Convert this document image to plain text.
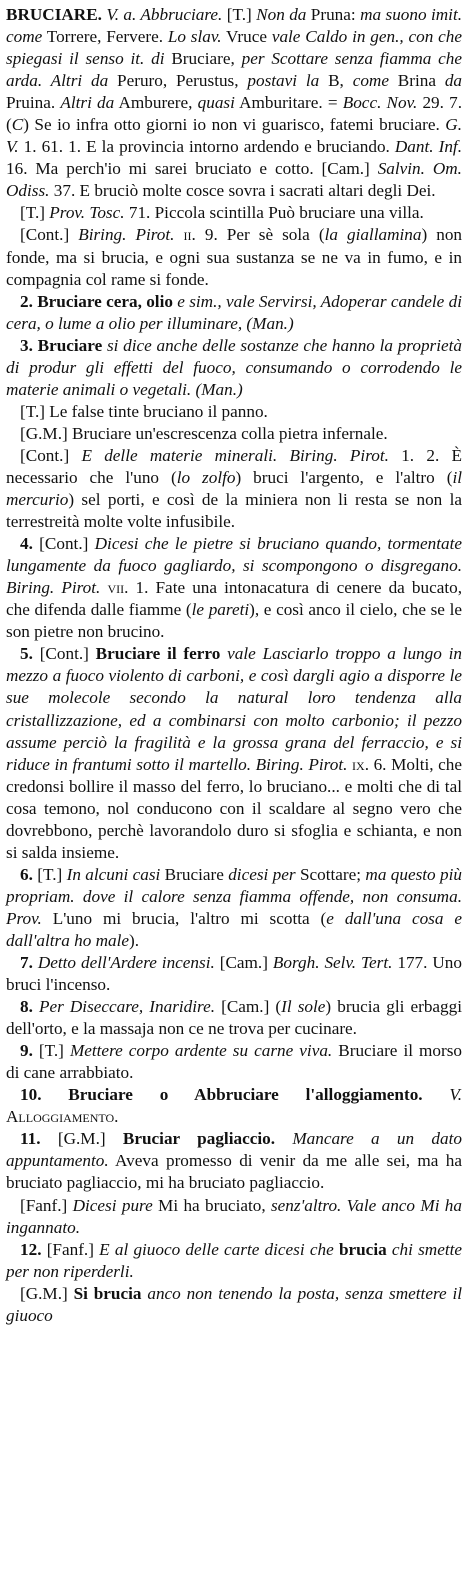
BRUCIARE. V. a. Abbruciare. [T.] Non da Pruna: ma suono imit. come Torrere, Fervere. Lo slav. Vruce vale Caldo in gen., con che spiegasi il senso it. di Bruciare, per Scottare senza fiamma che arda. Altri da Peruro, Perustus, postavi la B, come Brina da Pruina. Altri da Amburere, quasi Amburitare. = Bocc. Nov. 29. 7. (C) Se io infra otto giorni io non vi guarisco, fatemi bruciare. G. V. 1. 61. 1. E la provincia intorno ardendo e bruciando. Dant. Inf. 16. Ma perch'io mi sarei bruciato e cotto. [Cam.] Salvin. Om. Odiss. 37. E bruciò molte cosce sovra i sacrati altari degli Dei.

[T.] Prov. Tosc. 71. Piccola scintilla Può bruciare una villa.

[Cont.] Biring. Pirot. ii. 9. Per sè sola (la giallamina) non fonde, ma si brucia, e ogni sua sustanza se ne va in fumo, e in compagnia col rame si fonde.

2. Bruciare cera, olio e sim., vale Servirsi, Adoperar candele di cera, o lume a olio per illuminare, (Man.)

3. Bruciare si dice anche delle sostanze che hanno la proprietà di produr gli effetti del fuoco, consumando o corrodendo le materie animali o vegetali. (Man.)

[T.] Le false tinte bruciano il panno.

[G.M.] Bruciare un'escrescenza colla pietra infernale.

[Cont.] E delle materie minerali. Biring. Pirot. 1. 2. È necessario che l'uno (lo zolfo) bruci l'argento, e l'altro (il mercurio) sel porti, e così de la miniera non li resta se non la terrestreità molte volte infusibile.

4. [Cont.] Dicesi che le pietre si bruciano quando, tormentate lungamente da fuoco gagliardo, si scompongono o disgregano. Biring. Pirot. vii. 1. Fate una intonacatura di cenere da bucato, che difenda dalle fiamme (le pareti), e così anco il cielo, che se le son pietre non brucino.

5. [Cont.] Bruciare il ferro vale Lasciarlo troppo a lungo in mezzo a fuoco violento di carboni, e così dargli agio a disporre le sue molecole secondo la natural loro tendenza alla cristallizzazione, ed a combinarsi con molto carbonio; il pezzo assume perciò la fragilità e la grossa grana del ferraccio, e si riduce in frantumi sotto il martello. Biring. Pirot. ix. 6. Molti, che credonsi bollire il masso del ferro, lo bruciano... e molti che di tal cosa temono, nol conducono con il scaldare al segno vero che dovrebbono, perchè lavorandolo duro si sfoglia e schianta, e non si salda insieme.

6. [T.] In alcuni casi Bruciare dicesi per Scottare; ma questo più propriam. dove il calore senza fiamma offende, non consuma. Prov. L'uno mi brucia, l'altro mi scotta (e dall'una cosa e dall'altra ho male).

7. Detto dell'Ardere incensi. [Cam.] Borgh. Selv. Tert. 177. Uno bruci l'incenso.

8. Per Diseccare, Inaridire. [Cam.] (Il sole) brucia gli erbaggi dell'orto, e la massaja non ce ne trova per cucinare.

9. [T.] Mettere corpo ardente su carne viva. Bruciare il morso di cane arrabbiato.

10. Bruciare o Abbruciare l'alloggiamento. V. Alloggiamento.

11. [G.M.] Bruciar pagliaccio. Mancare a un dato appuntamento. Aveva promesso di venir da me alle sei, ma ha bruciato pagliaccio, mi ha bruciato pagliaccio.

[Fanf.] Dicesi pure Mi ha bruciato, senz'altro. Vale anco Mi ha ingannato.

12. [Fanf.] E al giuoco delle carte dicesi che brucia chi smette per non riperderli.

[G.M.] Si brucia anco non tenendo la posta, senza smettere il giuoco
